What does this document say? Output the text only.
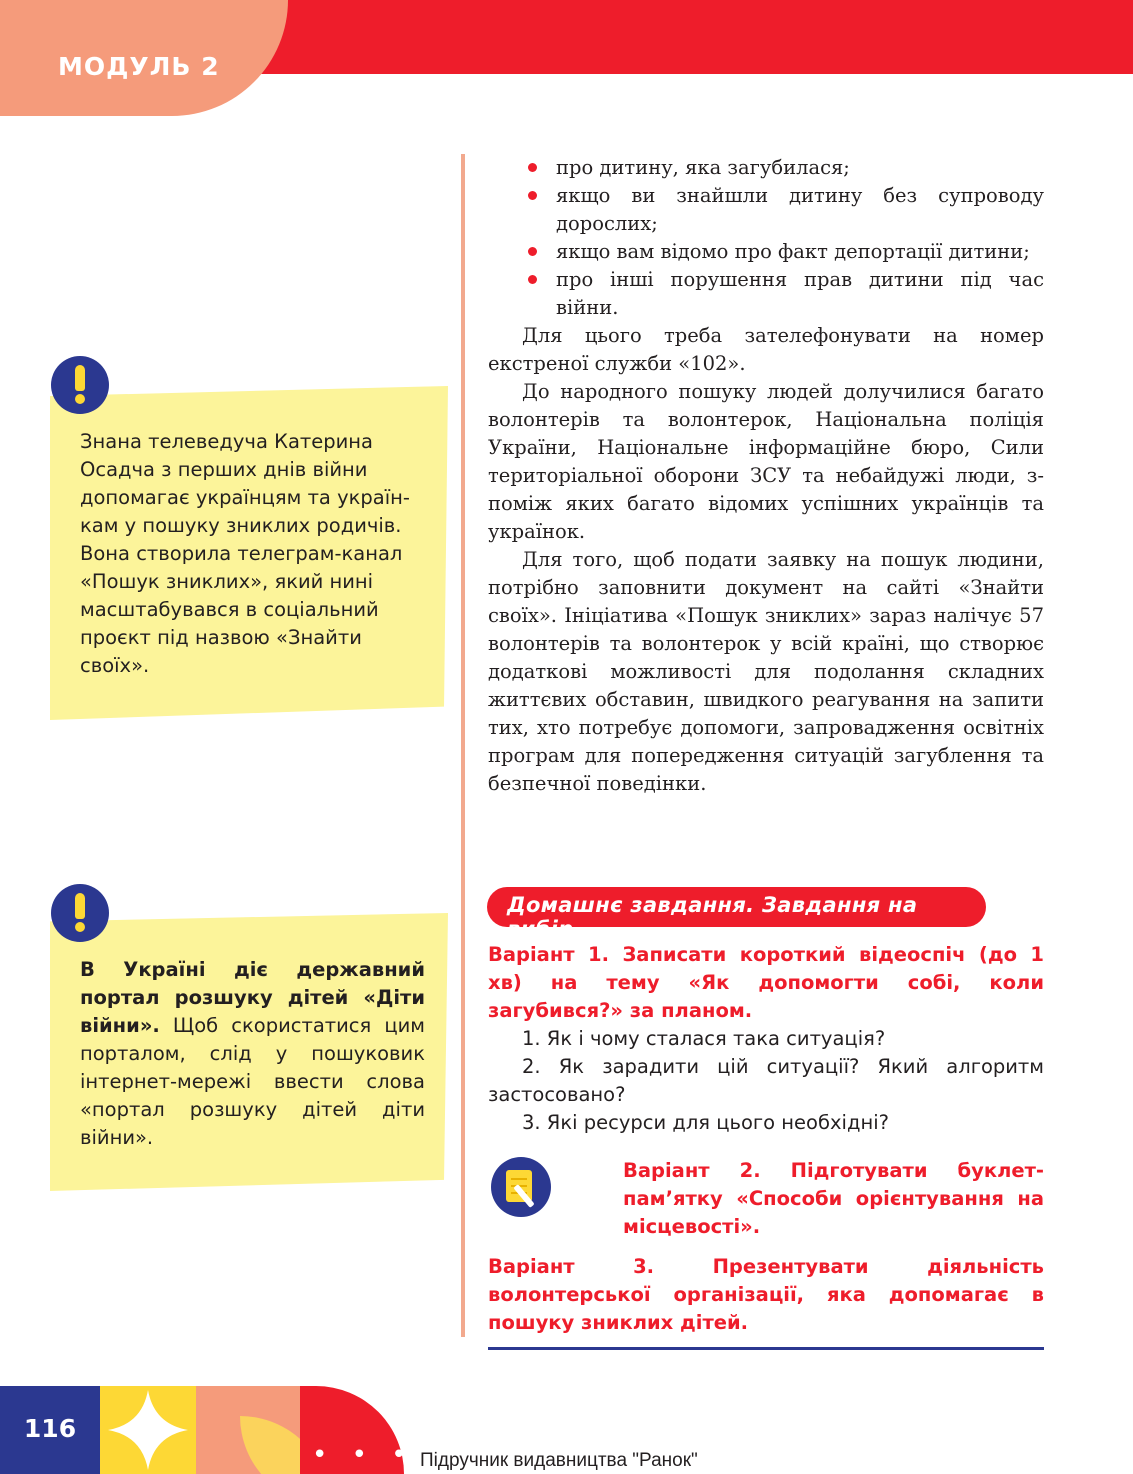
МОДУЛЬ 2
Знана телеведуча Катерина Осадча з перших днів війни допомагає українцям та україн-кам у пошуку зниклих родичів. Вона створила телеграм-канал «Пошук зниклих», який нині масштабувався в соціальний проєкт під назвою «Знайти своїх».
В Україні діє державний портал розшуку дітей «Діти війни». Щоб скористатися цим порталом, слід у пошуковик інтернет-мережі ввести слова «портал розшуку дітей діти війни».
про дитину, яка загубилася;
якщо ви знайшли дитину без супроводу дорослих;
якщо вам відомо про факт депортації дитини;
про інші порушення прав дитини під час війни.

Для цього треба зателефонувати на номер екстреної служби «102».

До народного пошуку людей долучилися багато волонтерів та волонтерок, Національна поліція України, Національне інформаційне бюро, Сили територіальної оборони ЗСУ та небайдужі люди, з-поміж яких багато відомих успішних українців та українок.

Для того, щоб подати заявку на пошук людини, потрібно заповнити документ на сайті «Знайти своїх». Ініціатива «Пошук зниклих» зараз налічує 57 волонтерів та волонтерок у всій країні, що створює додаткові можливості для подолання складних життєвих обставин, швидкого реагування на запити тих, хто потребує допомоги, запровадження освітніх програм для попередження ситуацій загублення та безпечної поведінки.

Домашнє завдання. Завдання на вибір
Варіант 1. Записати короткий відеоспіч (до 1 хв) на тему «Як допомогти собі, коли загубився?» за планом.
1. Як і чому сталася така ситуація?
2. Як зарадити цій ситуації? Який алгоритм застосовано?
3. Які ресурси для цього необхідні?
Варіант 2. Підготувати буклет-пам’ятку «Способи орієнтування на місцевості».
Варіант 3. Презентувати діяльність волонтерської організації, яка допомагає в пошуку зниклих дітей.
116
• • • •
Підручник видавництва "Ранок"
